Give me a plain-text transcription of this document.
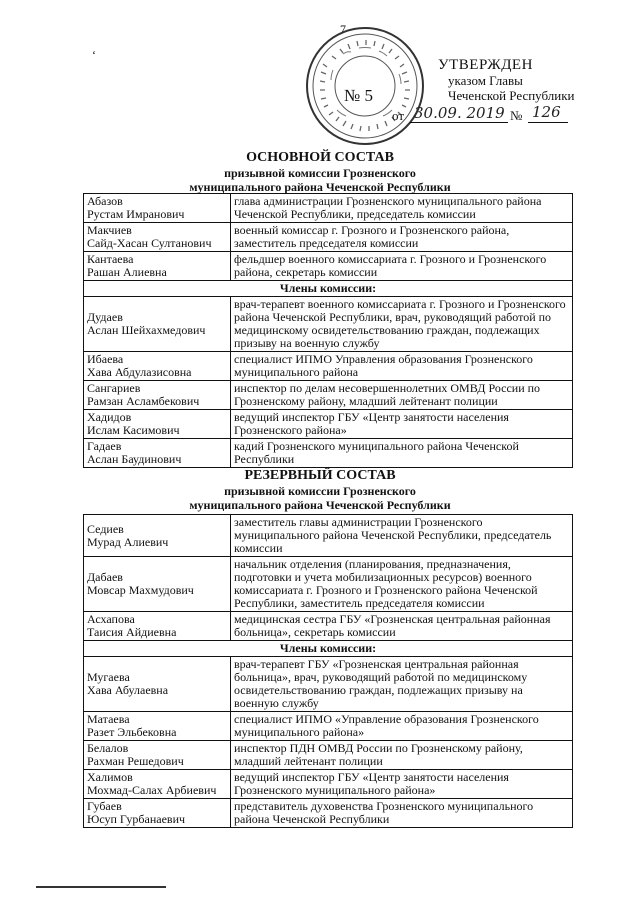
7
‘
№ 5
УТВЕРЖДЕН
указом Главы
Чеченской Республики
от 30.09. 2019 № 126
ОСНОВНОЙ СОСТАВ
призывной комиссии Грозненского
муниципального района Чеченской Республики
Абазов
Рустам Имранович	глава администрации Грозненского муниципального района Чеченской Республики, председатель комиссии
Макчиев
Сайд-Хасан Султанович	военный комиссар г. Грозного и Грозненского района, заместитель председателя комиссии
Кантаева
Рашан Алиевна	фельдшер военного комиссариата г. Грозного и Грозненского района, секретарь комиссии
Члены комиссии:	
Дудаев
Аслан Шейхахмедович	врач-терапевт военного комиссариата г. Грозного и Грозненского района Чеченской Республики, врач, руководящий работой по медицинскому освидетельствованию граждан, подлежащих призыву на военную службу
Ибаева
Хава Абдулазисовна	специалист ИПМО Управления образования Грозненского муниципального района
Сангариев
Рамзан Асламбекович	инспектор по делам несовершеннолетних ОМВД России по Грозненскому району, младший лейтенант полиции
Хадидов
Ислам Касимович	ведущий инспектор ГБУ «Центр занятости населения Грозненского района»
Гадаев
Аслан Баудинович	кадий Грозненского муниципального района Чеченской Республики
РЕЗЕРВНЫЙ СОСТАВ
призывной комиссии Грозненского
муниципального района Чеченской Республики
Седиев
Мурад Алиевич	заместитель главы администрации Грозненского муниципального района Чеченской Республики, председатель комиссии
Дабаев
Мовсар Махмудович	начальник отделения (планирования, предназначения, подготовки и учета мобилизационных ресурсов) военного комиссариата г. Грозного и Грозненского района Чеченской Республики, заместитель председателя комиссии
Асхапова
Таисия Айдиевна	медицинская сестра ГБУ «Грозненская центральная районная больница», секретарь комиссии
Члены комиссии:	
Мугаева
Хава Абулаевна	врач-терапевт ГБУ «Грозненская центральная районная больница», врач, руководящий работой по медицинскому освидетельствованию граждан, подлежащих призыву на военную службу
Матаева
Разет Эльбековна	специалист ИПМО «Управление образования Грозненского муниципального района»
Белалов
Рахман Решедович	инспектор ПДН ОМВД России по Грозненскому району, младший лейтенант полиции
Халимов
Мохмад-Салах Арбиевич	ведущий инспектор ГБУ «Центр занятости населения Грозненского муниципального района»
Губаев
Юсуп Гурбанаевич	представитель духовенства Грозненского муниципального района Чеченской Республики
